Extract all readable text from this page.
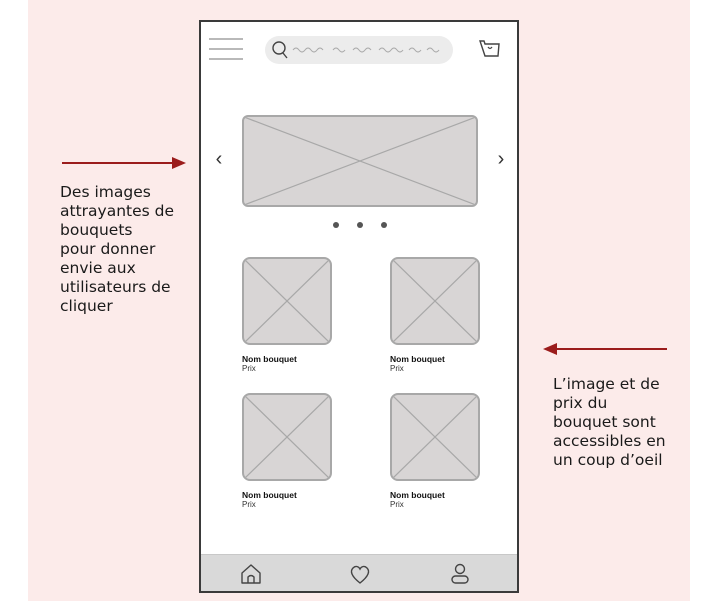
Des images
attrayantes de
bouquets
pour donner
envie aux
utilisateurs de
cliquer
L’image et de
prix du
bouquet sont
accessibles en
un coup d’oeil
‹	›
Nom bouquet
Prix
Nom bouquet
Prix
Nom bouquet
Prix
Nom bouquet
Prix
